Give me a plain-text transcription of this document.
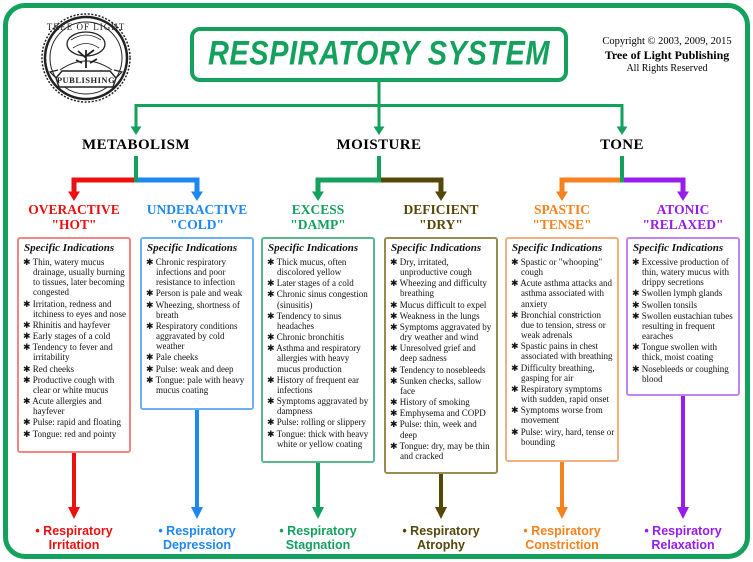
TREE OF LIGHT
PUBLISHING
RESPIRATORY SYSTEM	Copyright © 2003, 2009, 2015
Tree of Light Publishing
All Rights Reserved
METABOLISM	MOISTURE	TONE
OVERACTIVE
"HOT"
Specific Indications
✱ Thin, watery mucus drainage, usually burning to tissues, later becoming congested
✱ Irritation, redness and itchiness to eyes and nose
✱ Rhinitis and hayfever
✱ Early stages of a cold
✱ Tendency to fever and irritability
✱ Red cheeks
✱ Productive cough with clear or white mucus
✱ Acute allergies and hayfever
✱ Pulse: rapid and floating
✱ Tongue: red and pointy
• Respiratory
Irritation
UNDERACTIVE
"COLD"
Specific Indications
✱ Chronic respiratory infections and poor resistance to infection
✱ Person is pale and weak
✱ Wheezing, shortness of breath
✱ Respiratory conditions aggravated by cold weather
✱ Pale cheeks
✱ Pulse: weak and deep
✱ Tongue: pale with heavy mucus coating
• Respiratory
Depression
EXCESS
"DAMP"
Specific Indications
✱ Thick mucus, often discolored yellow
✱ Later stages of a cold
✱ Chronic sinus congestion (sinusitis)
✱ Tendency to sinus headaches
✱ Chronic bronchitis
✱ Asthma and respiratory allergies with heavy mucus production
✱ History of frequent ear infections
✱ Symptoms aggravated by dampness
✱ Pulse: rolling or slippery
✱ Tongue: thick with heavy white or yellow coating
• Respiratory
Stagnation
DEFICIENT
"DRY"
Specific Indications
✱ Dry, irritated, unproductive cough
✱ Wheezing and difficulty breathing
✱ Mucus difficult to expel
✱ Weakness in the lungs
✱ Symptoms aggravated by dry weather and wind
✱ Unresolved grief and deep sadness
✱ Tendency to nosebleeds
✱ Sunken checks, sallow face
✱ History of smoking
✱ Emphysema and COPD
✱ Pulse: thin, week and deep
✱ Tongue: dry, may be thin and cracked
• Respiratory
Atrophy
SPASTIC
"TENSE"
Specific Indications
✱ Spastic or "whooping" cough
✱ Acute asthma attacks and asthma associated with anxiety
✱ Bronchial constriction due to tension, stress or weak adrenals
✱ Spastic pains in chest associated with breathing
✱ Difficulty breathing, gasping for air
✱ Respiratory symptoms with sudden, rapid onset
✱ Symptoms worse from movement
✱ Pulse: wiry, hard, tense or bounding
• Respiratory
Constriction
ATONIC
"RELAXED"
Specific Indications
✱ Excessive production of thin, watery mucus with drippy secretions
✱ Swollen lymph glands
✱ Swollen tonsils
✱ Swollen eustachian tubes resulting in frequent earaches
✱ Tongue swollen with thick, moist coating
✱ Nosebleeds or coughing blood
• Respiratory
Relaxation
